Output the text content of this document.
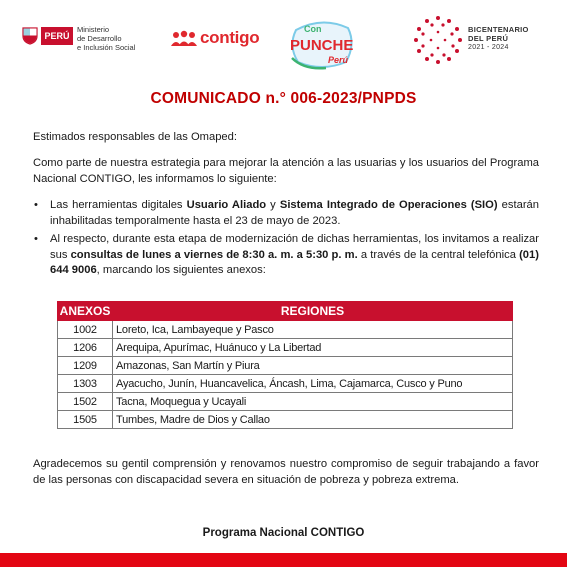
PERÚ
Ministerio
de Desarrollo
e Inclusión Social
contigo	Con
PUNCHE
Perú
BICENTENARIO
DEL PERÚ
2021 - 2024
COMUNICADO n.° 006-2023/PNPDS

Estimados responsables de las Omaped:

Como parte de nuestra estrategia para mejorar la atención a las usuarias y los usuarios del Programa Nacional CONTIGO, les informamos lo siguiente:

• Las herramientas digitales Usuario Aliado y Sistema Integrado de Operaciones (SIO) estarán inhabilitadas temporalmente hasta el 23 de mayo de 2023.
• Al respecto, durante esta etapa de modernización de dichas herramientas, los invitamos a realizar sus consultas de lunes a viernes de 8:30 a. m. a 5:30 p. m. a través de la central telefónica (01) 644 9006, marcando los siguientes anexos:
ANEXOS	REGIONES
1002	Loreto, Ica, Lambayeque y Pasco
1206	Arequipa, Apurímac, Huánuco y La Libertad
1209	Amazonas, San Martín y Piura
1303	Ayacucho, Junín, Huancavelica, Áncash, Lima, Cajamarca, Cusco y Puno
1502	Tacna, Moquegua y Ucayali
1505	Tumbes, Madre de Dios y Callao

Agradecemos su gentil comprensión y renovamos nuestro compromiso de seguir trabajando a favor de las personas con discapacidad severa en situación de pobreza y pobreza extrema.

Programa Nacional CONTIGO
